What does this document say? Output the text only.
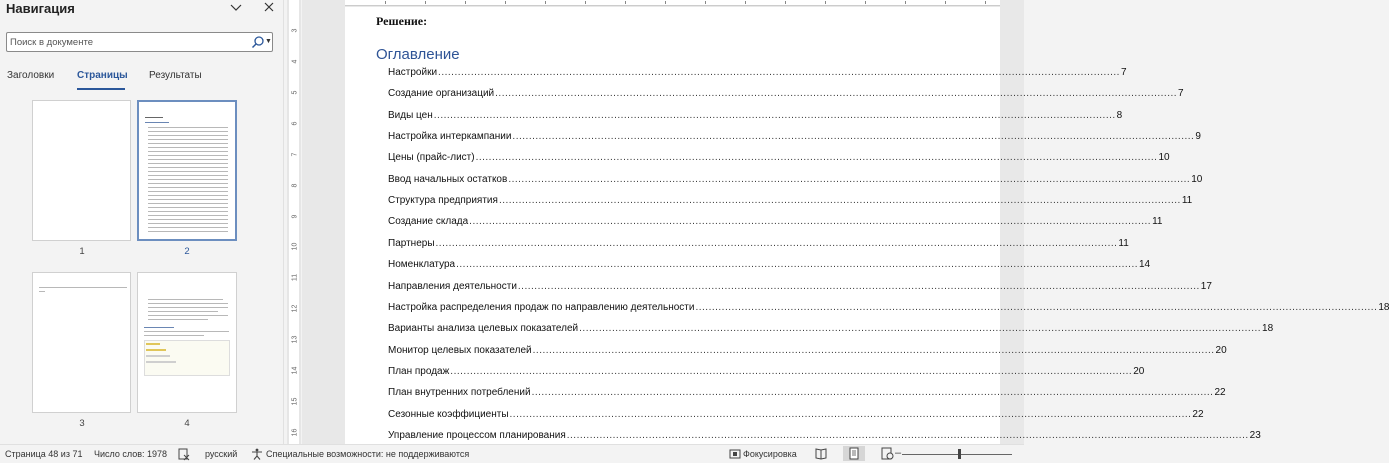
Навигация
Поиск в документе
▼
Заголовки Страницы Результаты
1	2
3	4
3
4
5
6
7
8
9
10
11
12
13
14
15
16
Решение:
Оглавление
Настройки ................................................................................................................................................................................................................ 7
Создание организаций ................................................................................................................................................................................................................ 7
Виды цен ................................................................................................................................................................................................................ 8
Настройка интеркампании ................................................................................................................................................................................................................ 9
Цены (прайс-лист) ................................................................................................................................................................................................................ 10
Ввод начальных остатков ................................................................................................................................................................................................................ 10
Структура предприятия ................................................................................................................................................................................................................ 11
Создание склада ................................................................................................................................................................................................................ 11
Партнеры ................................................................................................................................................................................................................ 11
Номенклатура ................................................................................................................................................................................................................ 14
Направления деятельности ................................................................................................................................................................................................................ 17
Настройка распределения продаж по направлению деятельности ................................................................................................................................................................................................................ 18
Варианты анализа целевых показателей ................................................................................................................................................................................................................ 18
Монитор целевых показателей ................................................................................................................................................................................................................ 20
План продаж ................................................................................................................................................................................................................ 20
План внутренних потреблений ................................................................................................................................................................................................................ 22
Сезонные коэффициенты ................................................................................................................................................................................................................ 22
Управление процессом планирования ................................................................................................................................................................................................................ 23
Страница 48 из 71 Число слов: 1978	русский	Специальные возможности: не поддерживаются	Фокусировка	–
